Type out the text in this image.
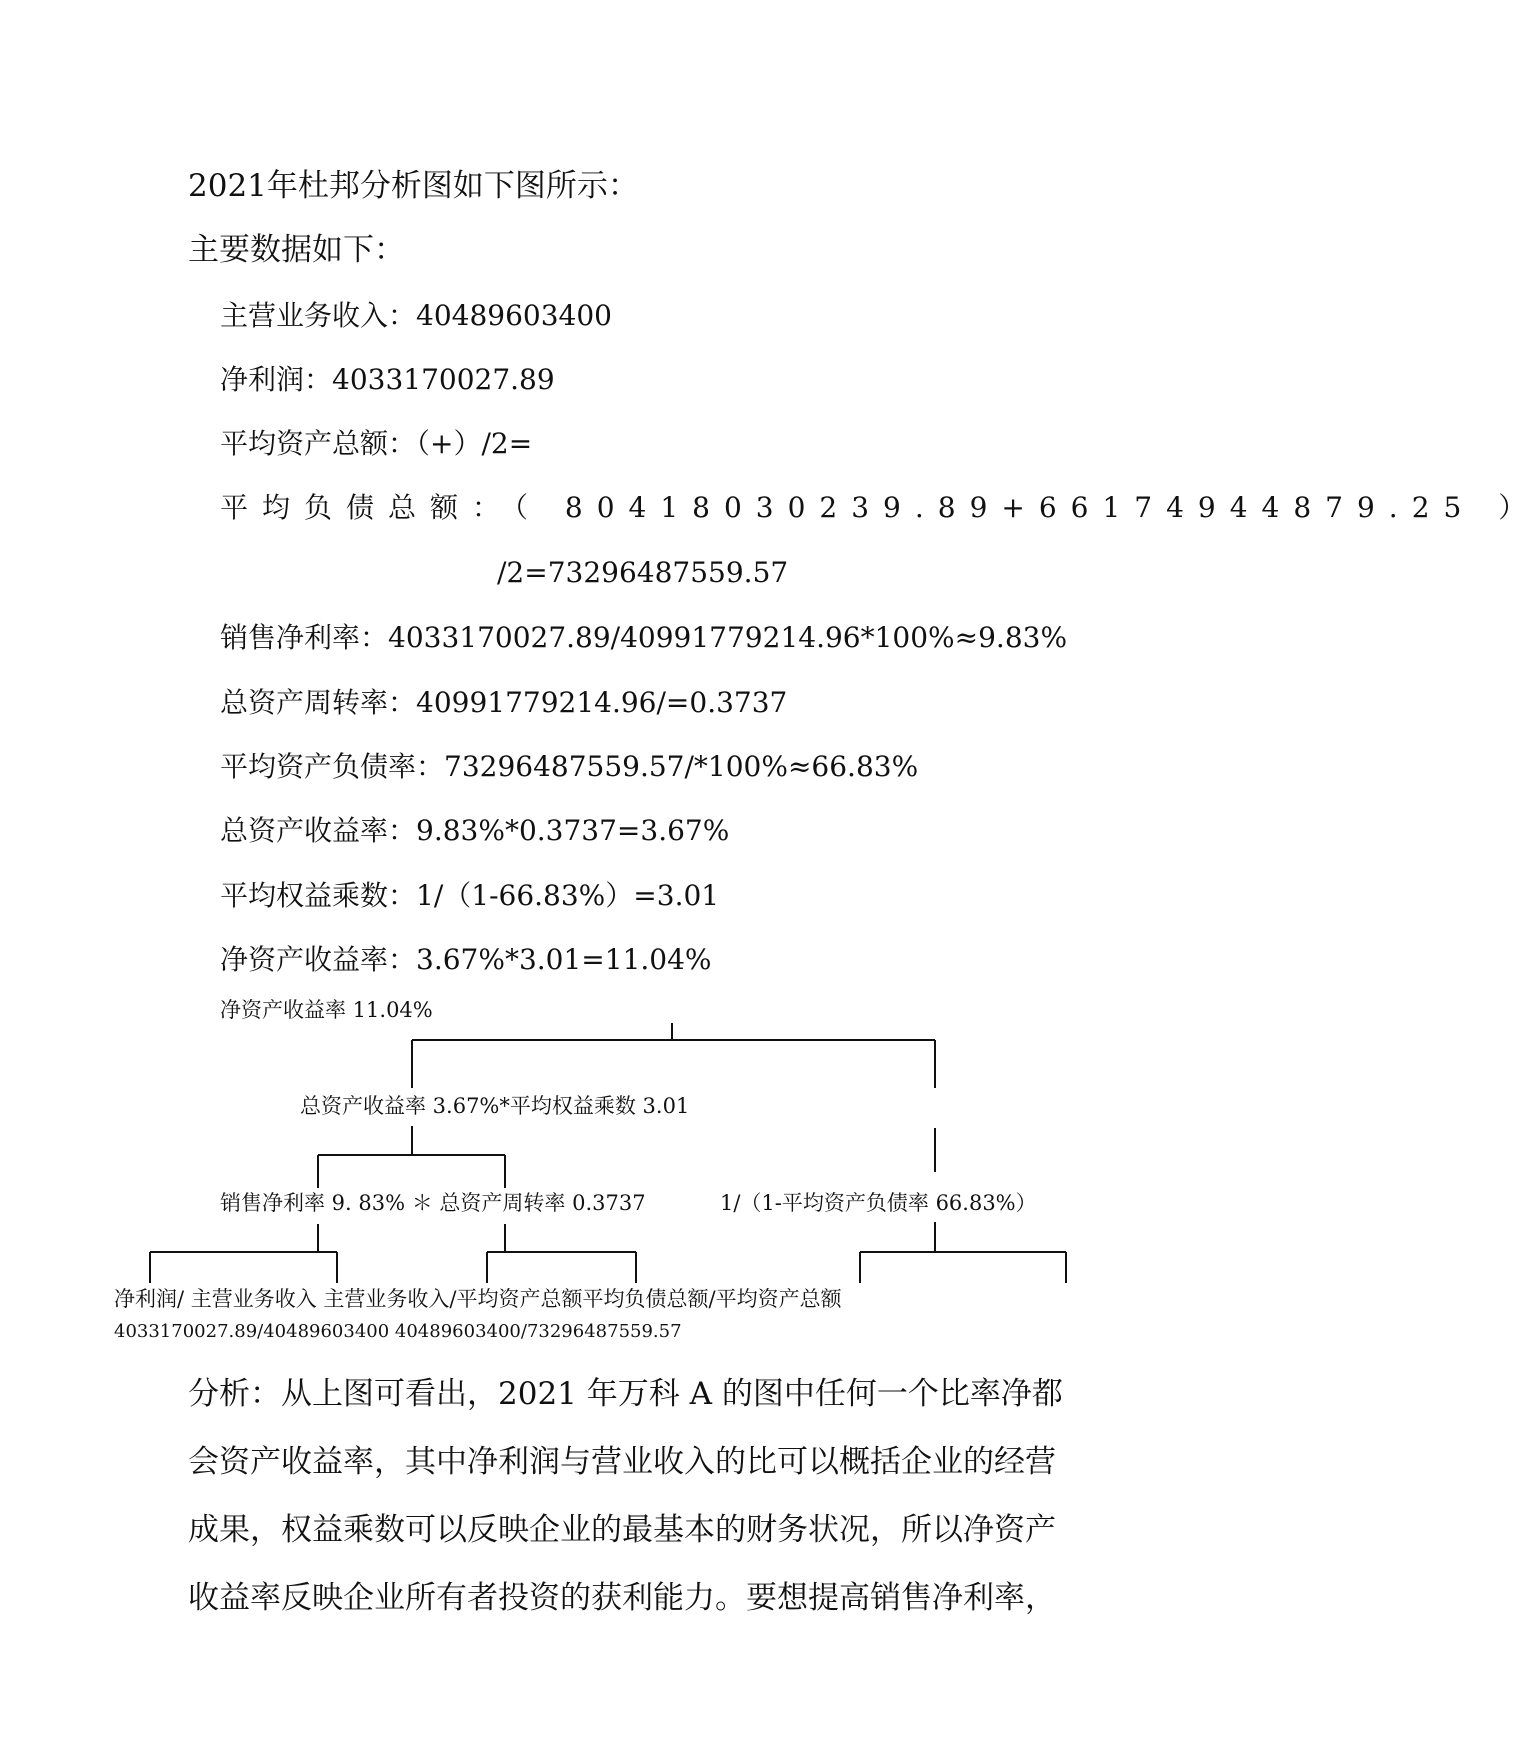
2021年杜邦分析图如下图所示：
主要数据如下：
主营业务收入：40489603400
净利润：4033170027.89
平均资产总额：（+）/2=
平均负债总额：（ 80418030239.89+66174944879.25 ）
/2=73296487559.57
销售净利率：4033170027.89/40991779214.96*100%≈9.83%
总资产周转率：40991779214.96/=0.3737
平均资产负债率：73296487559.57/*100%≈66.83%
总资产收益率：9.83%*0.3737=3.67%
平均权益乘数：1/（1-66.83%）=3.01
净资产收益率：3.67%*3.01=11.04%
净资产收益率 11.04%
总资产收益率 3.67%*平均权益乘数 3.01
销售净利率 9. 83% ＊ 总资产周转率 0.3737	1/（1-平均资产负债率 66.83%）
净利润/ 主营业务收入 主营业务收入/平均资产总额平均负债总额/平均资产总额
4033170027.89/40489603400 40489603400/73296487559.57
分析：从上图可看出，2021 年万科 A 的图中任何一个比率净都
会资产收益率，其中净利润与营业收入的比可以概括企业的经营
成果，权益乘数可以反映企业的最基本的财务状况，所以净资产
收益率反映企业所有者投资的获利能力。要想提高销售净利率，
